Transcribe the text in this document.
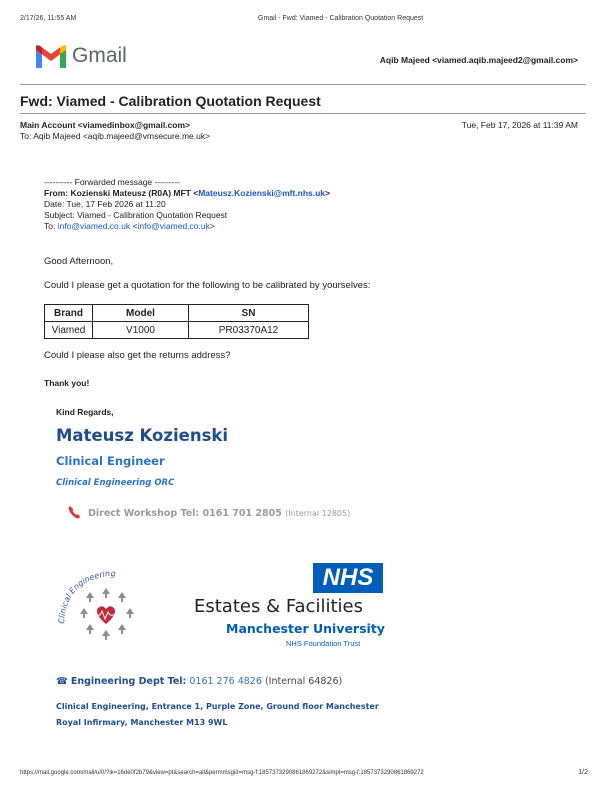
2/17/26, 11:55 AM	Gmail - Fwd: Viamed - Calibration Quotation Request
Gmail	Aqib Majeed <viamed.aqib.majeed2@gmail.com>
Fwd: Viamed - Calibration Quotation Request
Main Account <viamedinbox@gmail.com>	Tue, Feb 17, 2026 at 11:39 AM
To: Aqib Majeed <aqib.majeed@vmsecure.me.uk>
---------- Forwarded message ---------
From: Kozienski Mateusz (R0A) MFT <Mateusz.Kozienski@mft.nhs.uk>
Date: Tue, 17 Feb 2026 at 11:20
Subject: Viamed - Calibration Quotation Request
To: info@viamed.co.uk <info@viamed.co.uk>
Good Afternoon,
Could I please get a quotation for the following to be calibrated by yourselves:
Brand	Model	SN
Viamed	V1000	PR03370A12
Could I please also get the returns address?
Thank you!
Kind Regards,
Mateusz Kozienski
Clinical Engineer
Clinical Engineering ORC
Direct Workshop Tel: 0161 701 2805 (Internal 12805)
Clinical Engineering	NHS
Estates & Facilities
Manchester University
NHS Foundation Trust
☎ Engineering Dept Tel: 0161 276 4826 (Internal 64826)
Clinical Engineering, Entrance 1, Purple Zone, Ground floor Manchester
Royal Infirmary, Manchester M13 9WL
https://mail.google.com/mail/u/0/?ik=16de0f2b79&view=pt&search=all&permmsgid=msg-f:1857373290861869272&simpl=msg-f:1857373290861869272	1/2
